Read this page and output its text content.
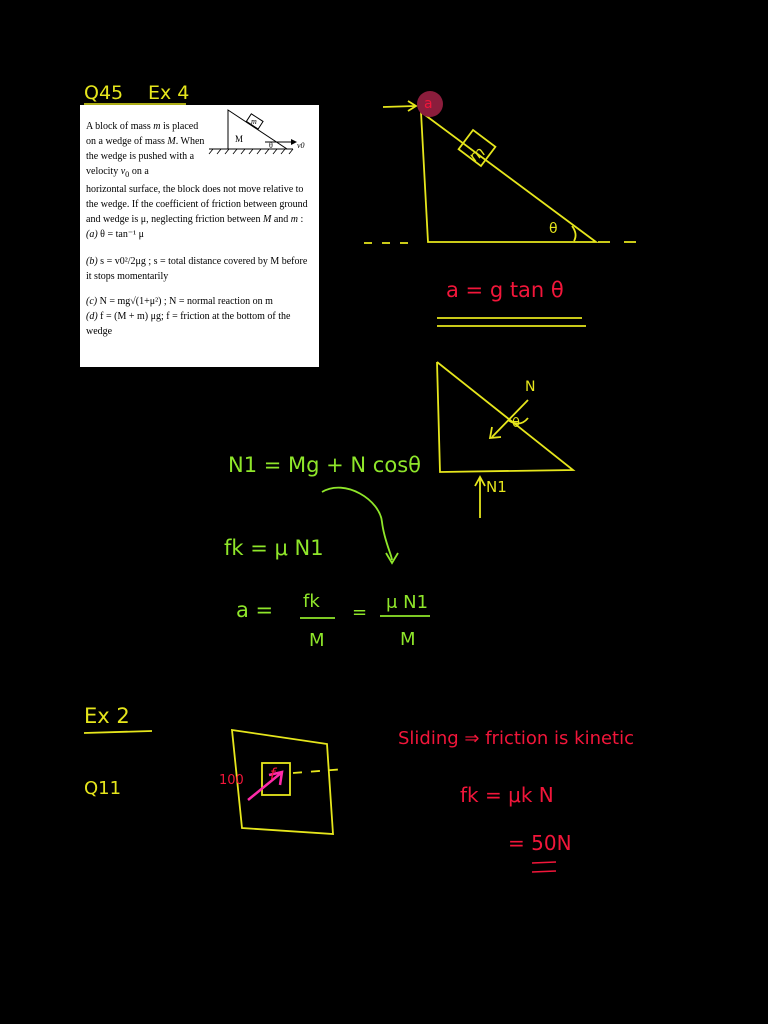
Q45 Ex 4
m
M
θ	v0

A block of mass m is placed on a wedge of mass M. When the wedge is pushed with a velocity $v_0$ on a

horizontal surface, the block does not move relative to the wedge. If the coefficient of friction between ground and wedge is μ, neglecting friction between M and m :

(a) θ = tan⁻¹ μ

(b) s = v0²/2μg ; s = total distance covered by M before it stops momentarily

(c) N = mg√(1+μ²) ; N = normal reaction on m

(d) f = (M + m) μg; f = friction at the bottom of the wedge

a
m
θ
a = g tan θ
N
θ
N1
N1 = Mg + N cosθ
fk = μ N1
a = fk
M
= μ N1
M
Ex 2
Q11	100 f
Sliding ⇒ friction is kinetic
fk = μk N
= 50N
